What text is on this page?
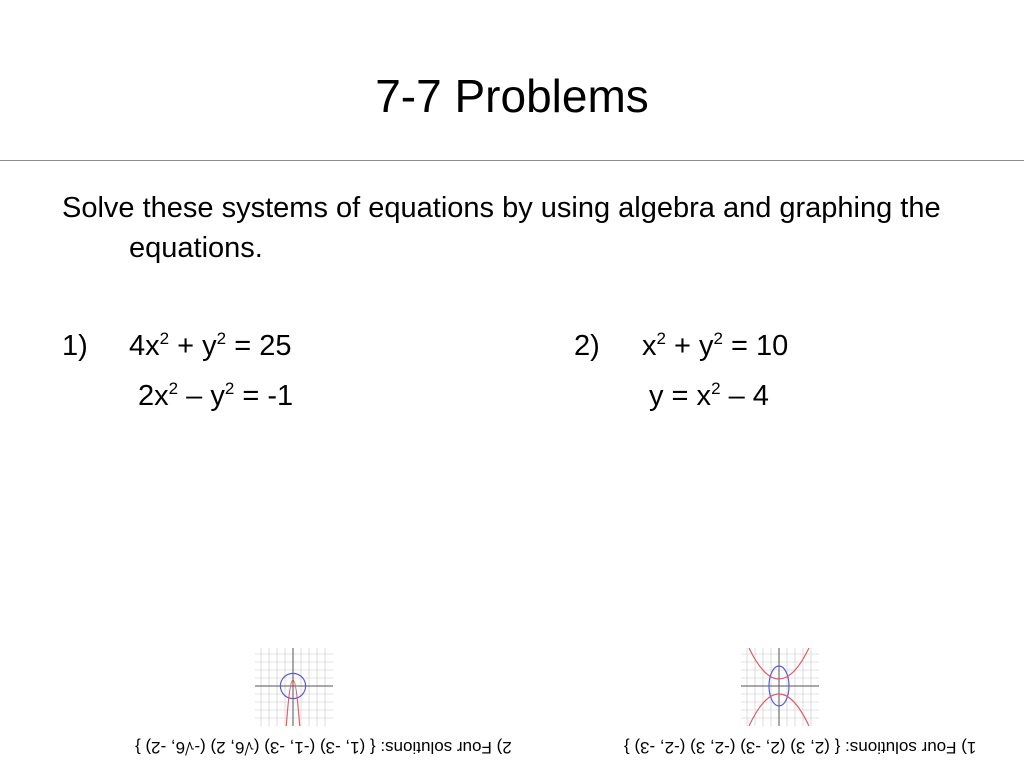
7-7 Problems
Solve these systems of equations by using algebra and graphing the equations.
1) $4x^2 + y^2 = 25$
$2x^2 - y^2 = -1$
2) $x^2 + y^2 = 10$
$y = x^2 - 4$
2) Four solutions: { (1, -3) (-1, -3) (√6, 2) (-√6, -2) }	1) Four solutions: { (2, 3) (2, -3) (-2, 3) (-2, -3) }
